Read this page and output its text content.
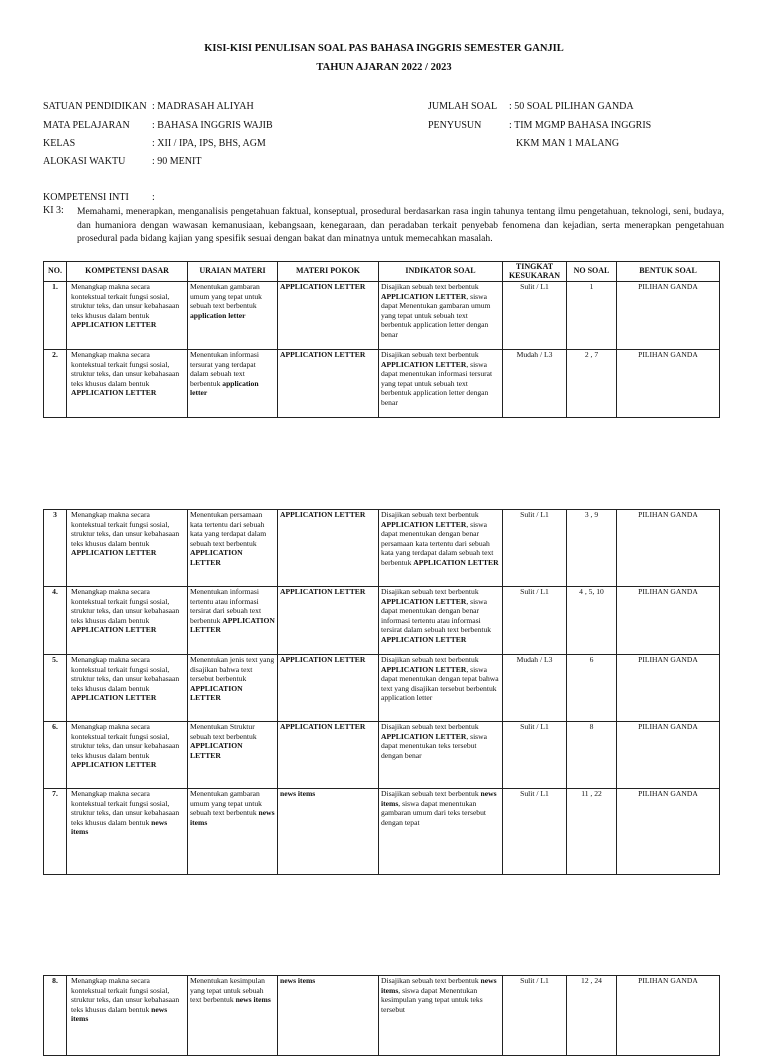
KISI-KISI PENULISAN SOAL PAS BAHASA INGGRIS SEMESTER GANJIL
TAHUN AJARAN 2022 / 2023
SATUAN PENDIDIKAN : MADRASAH ALIYAH
MATA PELAJARAN : BAHASA INGGRIS WAJIB
KELAS	: XII / IPA, IPS, BHS, AGM
ALOKASI WAKTU	: 90 MENIT
JUMLAH SOAL : 50 SOAL PILIHAN GANDA
PENYUSUN	: TIM MGMP BAHASA INGGRIS
KKM MAN 1 MALANG
KOMPETENSI INTI :
KI 3: Memahami, menerapkan, menganalisis pengetahuan faktual, konseptual, prosedural berdasarkan rasa ingin tahunya tentang ilmu pengetahuan, teknologi, seni, budaya, dan humaniora dengan wawasan kemanusiaan, kebangsaan, kenegaraan, dan peradaban terkait penyebab fenomena dan kejadian, serta menerapkan pengetahuan prosedural pada bidang kajian yang spesifik sesuai dengan bakat dan minatnya untuk memecahkan masalah.
NO.	KOMPETENSI DASAR	URAIAN MATERI	MATERI POKOK	INDIKATOR SOAL	TINGKAT KESUKARAN	NO SOAL	BENTUK SOAL
1.	Menangkap makna secara kontekstual terkait fungsi sosial, struktur teks, dan unsur kebahasaan teks khusus dalam bentuk APPLICATION LETTER	Menentukan gambaran umum yang tepat untuk sebuah text berbentuk application letter	APPLICATION LETTER	Disajikan sebuah text berbentuk APPLICATION LETTER, siswa dapat Menentukan gambaran umum yang tepat untuk sebuah text berbentuk application letter dengan benar	Sulit / L1	1	PILIHAN GANDA
2.	Menangkap makna secara kontekstual terkait fungsi sosial, struktur teks, dan unsur kebahasaan teks khusus dalam bentuk APPLICATION LETTER	Menentukan informasi tersurat yang terdapat dalam sebuah text berbentuk application letter	APPLICATION LETTER	Disajikan sebuah text berbentuk APPLICATION LETTER, siswa dapat menentukan informasi tersurat yang tepat untuk sebuah text berbentuk application letter dengan benar	Mudah / L3	2 , 7	PILIHAN GANDA
3	Menangkap makna secara kontekstual terkait fungsi sosial, struktur teks, dan unsur kebahasaan teks khusus dalam bentuk APPLICATION LETTER	Menentukan persamaan kata tertentu dari sebuah kata yang terdapat dalam sebuah text berbentuk APPLICATION LETTER	APPLICATION LETTER	Disajikan sebuah text berbentuk APPLICATION LETTER, siswa dapat menentukan dengan benar persamaan kata tertentu dari sebuah kata yang terdapat dalam sebuah text berbentuk APPLICATION LETTER	Sulit / L1	3 , 9	PILIHAN GANDA
4.	Menangkap makna secara kontekstual terkait fungsi sosial, struktur teks, dan unsur kebahasaan teks khusus dalam bentuk APPLICATION LETTER	Menentukan informasi tertentu atau informasi tersirat dari sebuah text berbentuk APPLICATION LETTER	APPLICATION LETTER	Disajikan sebuah text berbentuk APPLICATION LETTER, siswa dapat menentukan dengan benar informasi tertentu atau informasi tersirat dalam sebuah text berbentuk APPLICATION LETTER	Sulit / L1	4 , 5, 10	PILIHAN GANDA
5.	Menangkap makna secara kontekstual terkait fungsi sosial, struktur teks, dan unsur kebahasaan teks khusus dalam bentuk APPLICATION LETTER	Menentukan jenis text yang disajikan bahwa text tersebut berbentuk APPLICATION LETTER	APPLICATION LETTER	Disajikan sebuah text berbentuk APPLICATION LETTER, siswa dapat menentukan dengan tepat bahwa text yang disajikan tersebut berbentuk application letter	Mudah / L3	6	PILIHAN GANDA
6.	Menangkap makna secara kontekstual terkait fungsi sosial, struktur teks, dan unsur kebahasaan teks khusus dalam bentuk APPLICATION LETTER	Menentukan Struktur sebuah text berbentuk APPLICATION LETTER	APPLICATION LETTER	Disajikan sebuah text berbentuk APPLICATION LETTER, siswa dapat menentukan teks tersebut dengan benar	Sulit / L1	8	PILIHAN GANDA
7.	Menangkap makna secara kontekstual terkait fungsi sosial, struktur teks, dan unsur kebahasaan teks khusus dalam bentuk news items	Menentukan gambaran umum yang tepat untuk sebuah text berbentuk news items	news items	Disajikan sebuah text berbentuk news items, siswa dapat menentukan gambaran umum dari teks tersebut dengan tepat	Sulit / L1	11 , 22	PILIHAN GANDA
8.	Menangkap makna secara kontekstual terkait fungsi sosial, struktur teks, dan unsur kebahasaan teks khusus dalam bentuk news items	Menentukan kesimpulan yang tepat untuk sebuah text berbentuk news items	news items	Disajikan sebuah text berbentuk news items, siswa dapat Menentukan kesimpulan yang tepat untuk teks tersebut	Sulit / L1	12 , 24	PILIHAN GANDA
